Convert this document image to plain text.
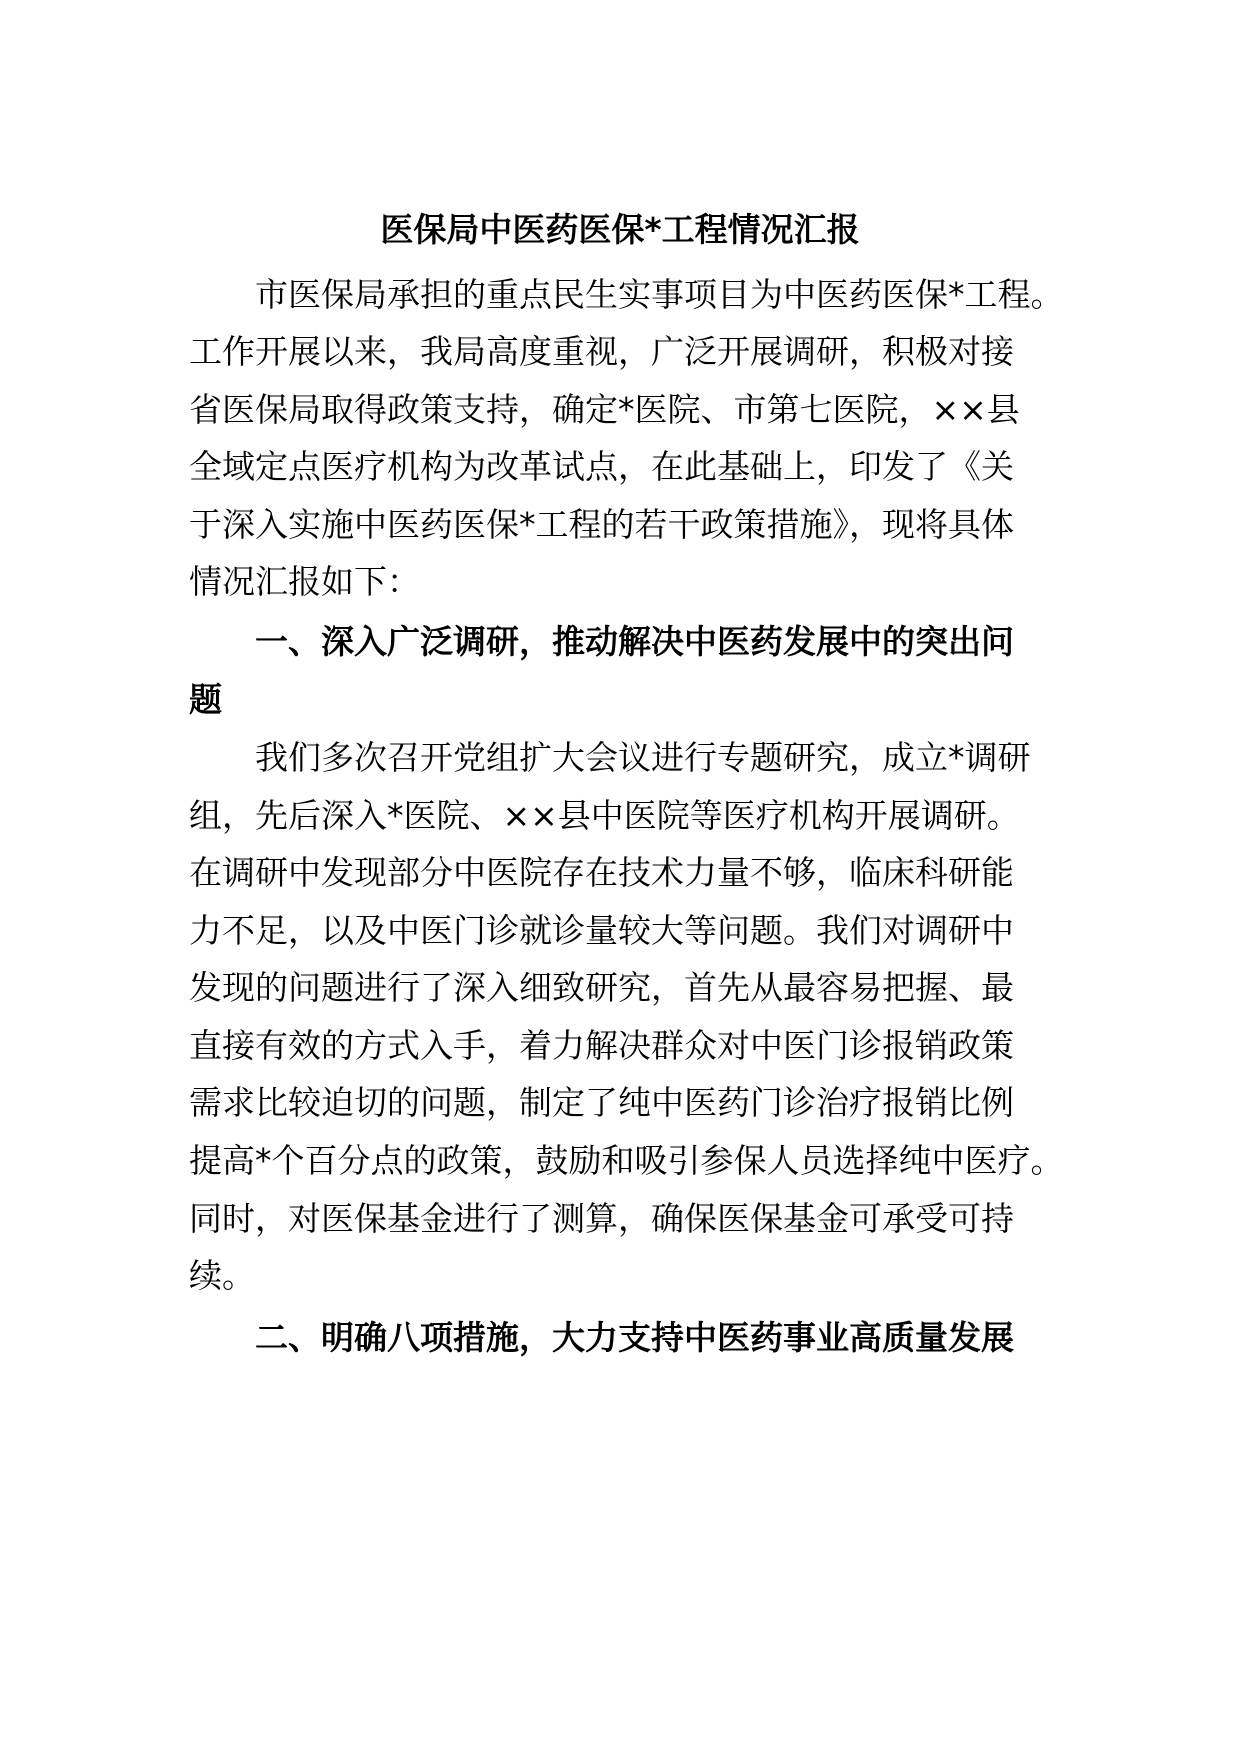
医保局中医药医保*工程情况汇报
市医保局承担的重点民生实事项目为中医药医保*工程。
工作开展以来，我局高度重视，广泛开展调研，积极对接
省医保局取得政策支持，确定*医院、市第七医院，××县
全域定点医疗机构为改革试点，在此基础上，印发了《关
于深入实施中医药医保*工程的若干政策措施》，现将具体
情况汇报如下：
一、深入广泛调研，推动解决中医药发展中的突出问
题
我们多次召开党组扩大会议进行专题研究，成立*调研
组，先后深入*医院、××县中医院等医疗机构开展调研。
在调研中发现部分中医院存在技术力量不够，临床科研能
力不足，以及中医门诊就诊量较大等问题。我们对调研中
发现的问题进行了深入细致研究，首先从最容易把握、最
直接有效的方式入手，着力解决群众对中医门诊报销政策
需求比较迫切的问题，制定了纯中医药门诊治疗报销比例
提高*个百分点的政策，鼓励和吸引参保人员选择纯中医疗。
同时，对医保基金进行了测算，确保医保基金可承受可持
续。
二、明确八项措施，大力支持中医药事业高质量发展
